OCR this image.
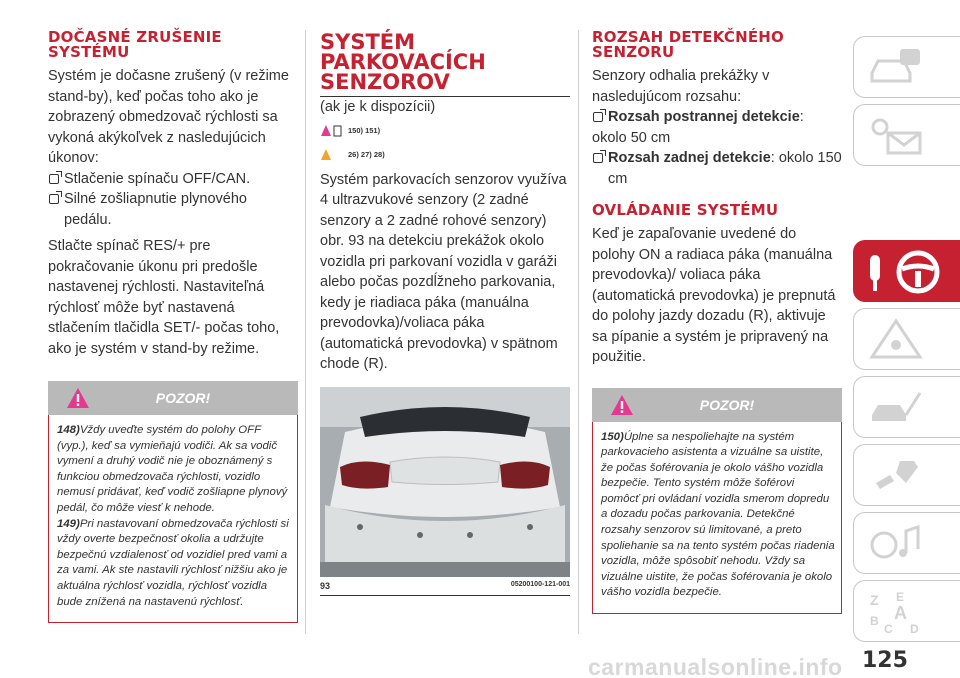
DOČASNÉ ZRUŠENIE SYSTÉMU
Systém je dočasne zrušený (v režime stand-by), keď počas toho ako je zobrazený obmedzovač rýchlosti sa vykoná akýkoľvek z nasledujúcich úkonov:
Stlačenie spínaču OFF/CAN.
Silné zošliapnutie plynového pedálu.
Stlačte spínač RES/+ pre pokračovanie úkonu pri predošle nastavenej rýchlosti. Nastaviteľná rýchlosť môže byť nastavená stlačením tlačidla SET/- počas toho, ako je systém v stand-by režime.
POZOR!
148)Vždy uveďte systém do polohy OFF (vyp.), keď sa vymieňajú vodiči. Ak sa vodič vymení a druhý vodič nie je oboznámený s funkciou obmedzovača rýchlosti, vozidlo nemusí pridávať, keď vodič zošliapne plynový pedál, čo môže viesť k nehode.
149)Pri nastavovaní obmedzovača rýchlosti si vždy overte bezpečnosť okolia a udržujte bezpečnú vzdialenosť od vozidiel pred vami a za vami. Ak ste nastavili rýchlosť nižšiu ako je aktuálna rýchlosť vozidla, rýchlosť vozidla bude znížená na nastavenú rýchlosť.
SYSTÉM PARKOVACÍCH SENZOROV
(ak je k dispozícii)
150) 151)
26) 27) 28)
Systém parkovacích senzorov využíva 4 ultrazvukové senzory (2 zadné senzory a 2 zadné rohové senzory) obr. 93 na detekciu prekážok okolo vozidla pri parkovaní vozidla v garáži alebo počas pozdĺžneho parkovania, kedy je riadiaca páka (manuálna prevodovka)/voliaca páka (automatická prevodovka) v spätnom chode (R).
93	05200100-121-001
ROZSAH DETEKČNÉHO SENZORU
Senzory odhalia prekážky v nasledujúcom rozsahu:
Rozsah postrannej detekcie :
okolo 50 cm
Rozsah zadnej detekcie: okolo 150 cm
OVLÁDANIE SYSTÉMU
Keď je zapaľovanie uvedené do polohy ON a radiaca páka (manuálna prevodovka)/ voliaca páka (automatická prevodovka) je prepnutá do polohy jazdy dozadu (R), aktivuje sa pípanie a systém je pripravený na použitie.
POZOR!
150)Úplne sa nespoliehajte na systém parkovacieho asistenta a vizuálne sa uistite, že počas šoférovania je okolo vášho vozidla bezpečie. Tento systém môže šoférovi pomôcť pri ovládaní vozidla smerom dopredu a dozadu počas parkovania. Detekčné rozsahy senzorov sú limitované, a preto spoliehanie sa na tento systém počas riadenia vozidla, môže spôsobiť nehodu. Vždy sa vizuálne uistite, že počas šoférovania je okolo vášho vozidla bezpečie.	Z E
B
C
A
D
125
carmanualsonline.info
